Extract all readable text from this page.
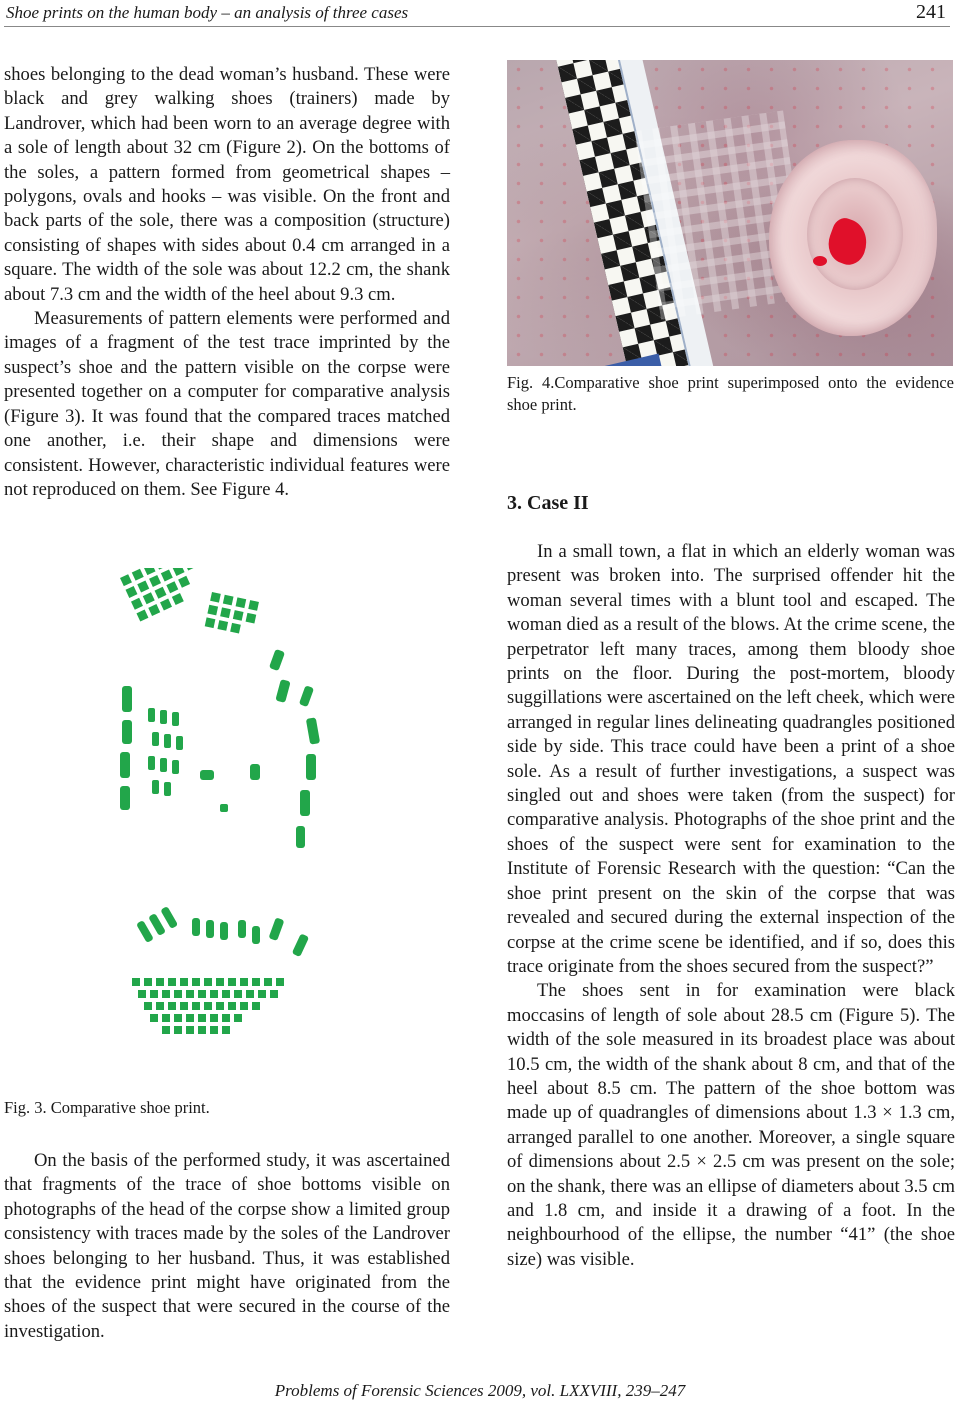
Shoe prints on the human body – an analysis of three cases	241

shoes belonging to the dead woman’s husband. These were black and grey walking shoes (trainers) made by Landrover, which had been worn to an average degree with a sole of length about 32 cm (Figure 2). On the bottoms of the soles, a pattern formed from geometrical shapes – polygons, ovals and hooks – was visible. On the front and back parts of the sole, there was a composition (structure) consisting of shapes with sides about 0.4 cm arranged in a square. The width of the sole was about 12.2 cm, the shank about 7.3 cm and the width of the heel about 9.3 cm.

Measurements of pattern elements were performed and images of a fragment of the test trace imprinted by the suspect’s shoe and the pattern visible on the corpse were presented together on a computer for comparative analysis (Figure 3). It was found that the compared traces matched one another, i.e. their shape and dimensions were consistent. However, characteristic individual features were not reproduced on them. See Figure 4.

Fig. 3. Comparative shoe print.

On the basis of the performed study, it was ascertained that fragments of the trace of shoe bottoms visible on photographs of the head of the corpse show a limited group consistency with traces made by the soles of the Landrover shoes belonging to her husband. Thus, it was established that the evidence print might have originated from the shoes of the suspect that were secured in the course of the investigation.

Fig. 4.Comparative shoe print superimposed onto the evidence shoe print.
3. Case II

In a small town, a flat in which an elderly woman was present was broken into. The surprised offender hit the woman several times with a blunt tool and escaped. The woman died as a result of the blows. At the crime scene, the perpetrator left many traces, among them bloody shoe prints on the floor. During the post-mortem, bloody suggillations were ascertained on the left cheek, which were arranged in regular lines delineating quadrangles positioned side by side. This trace could have been a print of a shoe sole. As a result of further investigations, a suspect was singled out and shoes were taken (from the suspect) for comparative analysis. Photographs of the shoe print and the shoes of the suspect were sent for examination to the Institute of Forensic Research with the question: “Can the shoe print present on the skin of the corpse that was revealed and secured during the external inspection of the corpse at the crime scene be identified, and if so, does this trace originate from the shoes secured from the suspect?”

The shoes sent in for examination were black moccasins of length of sole about 28.5 cm (Figure 5). The width of the sole measured in its broadest place was about 10.5 cm, the width of the shank about 8 cm, and that of the heel about 8.5 cm. The pattern of the shoe bottom was made up of quadrangles of dimensions about 1.3 × 1.3 cm, arranged parallel to one another. Moreover, a single square of dimensions about 2.5 × 2.5 cm was present on the sole; on the shank, there was an ellipse of diameters about 3.5 cm and 1.8 cm, and inside it a drawing of a foot. In the neighbourhood of the ellipse, the number “41” (the shoe size) was visible.

Problems of Forensic Sciences 2009, vol. LXXVIII, 239–247
